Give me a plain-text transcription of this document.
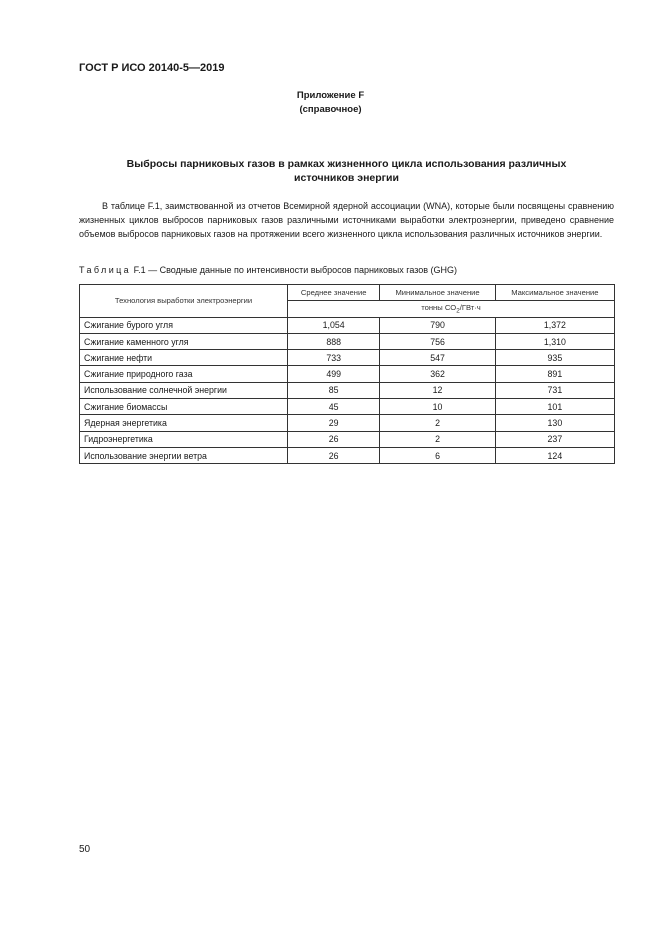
ГОСТ Р ИСО 20140-5—2019
Приложение F
(справочное)
Выбросы парниковых газов в рамках жизненного цикла использования различных источников энергии
В таблице F.1, заимствованной из отчетов Всемирной ядерной ассоциации (WNA), которые были посвящены сравнению жизненных циклов выбросов парниковых газов различными источниками выработки электроэнергии, приведено сравнение объемов выбросов парниковых газов на протяжении всего жизненного цикла использования различных источников энергии.
Таблица F.1 — Сводные данные по интенсивности выбросов парниковых газов (GHG)
Технология выработки электроэнергии	Среднее значение	Минимальное значение	Максимальное значение
	тонны $CO_2/ГВт\cdot ч$		
Сжигание бурого угля	1,054	790	1,372
Сжигание каменного угля	888	756	1,310
Сжигание нефти	733	547	935
Сжигание природного газа	499	362	891
Использование солнечной энергии	85	12	731
Сжигание биомассы	45	10	101
Ядерная энергетика	29	2	130
Гидроэнергетика	26	2	237
Использование энергии ветра	26	6	124
50
